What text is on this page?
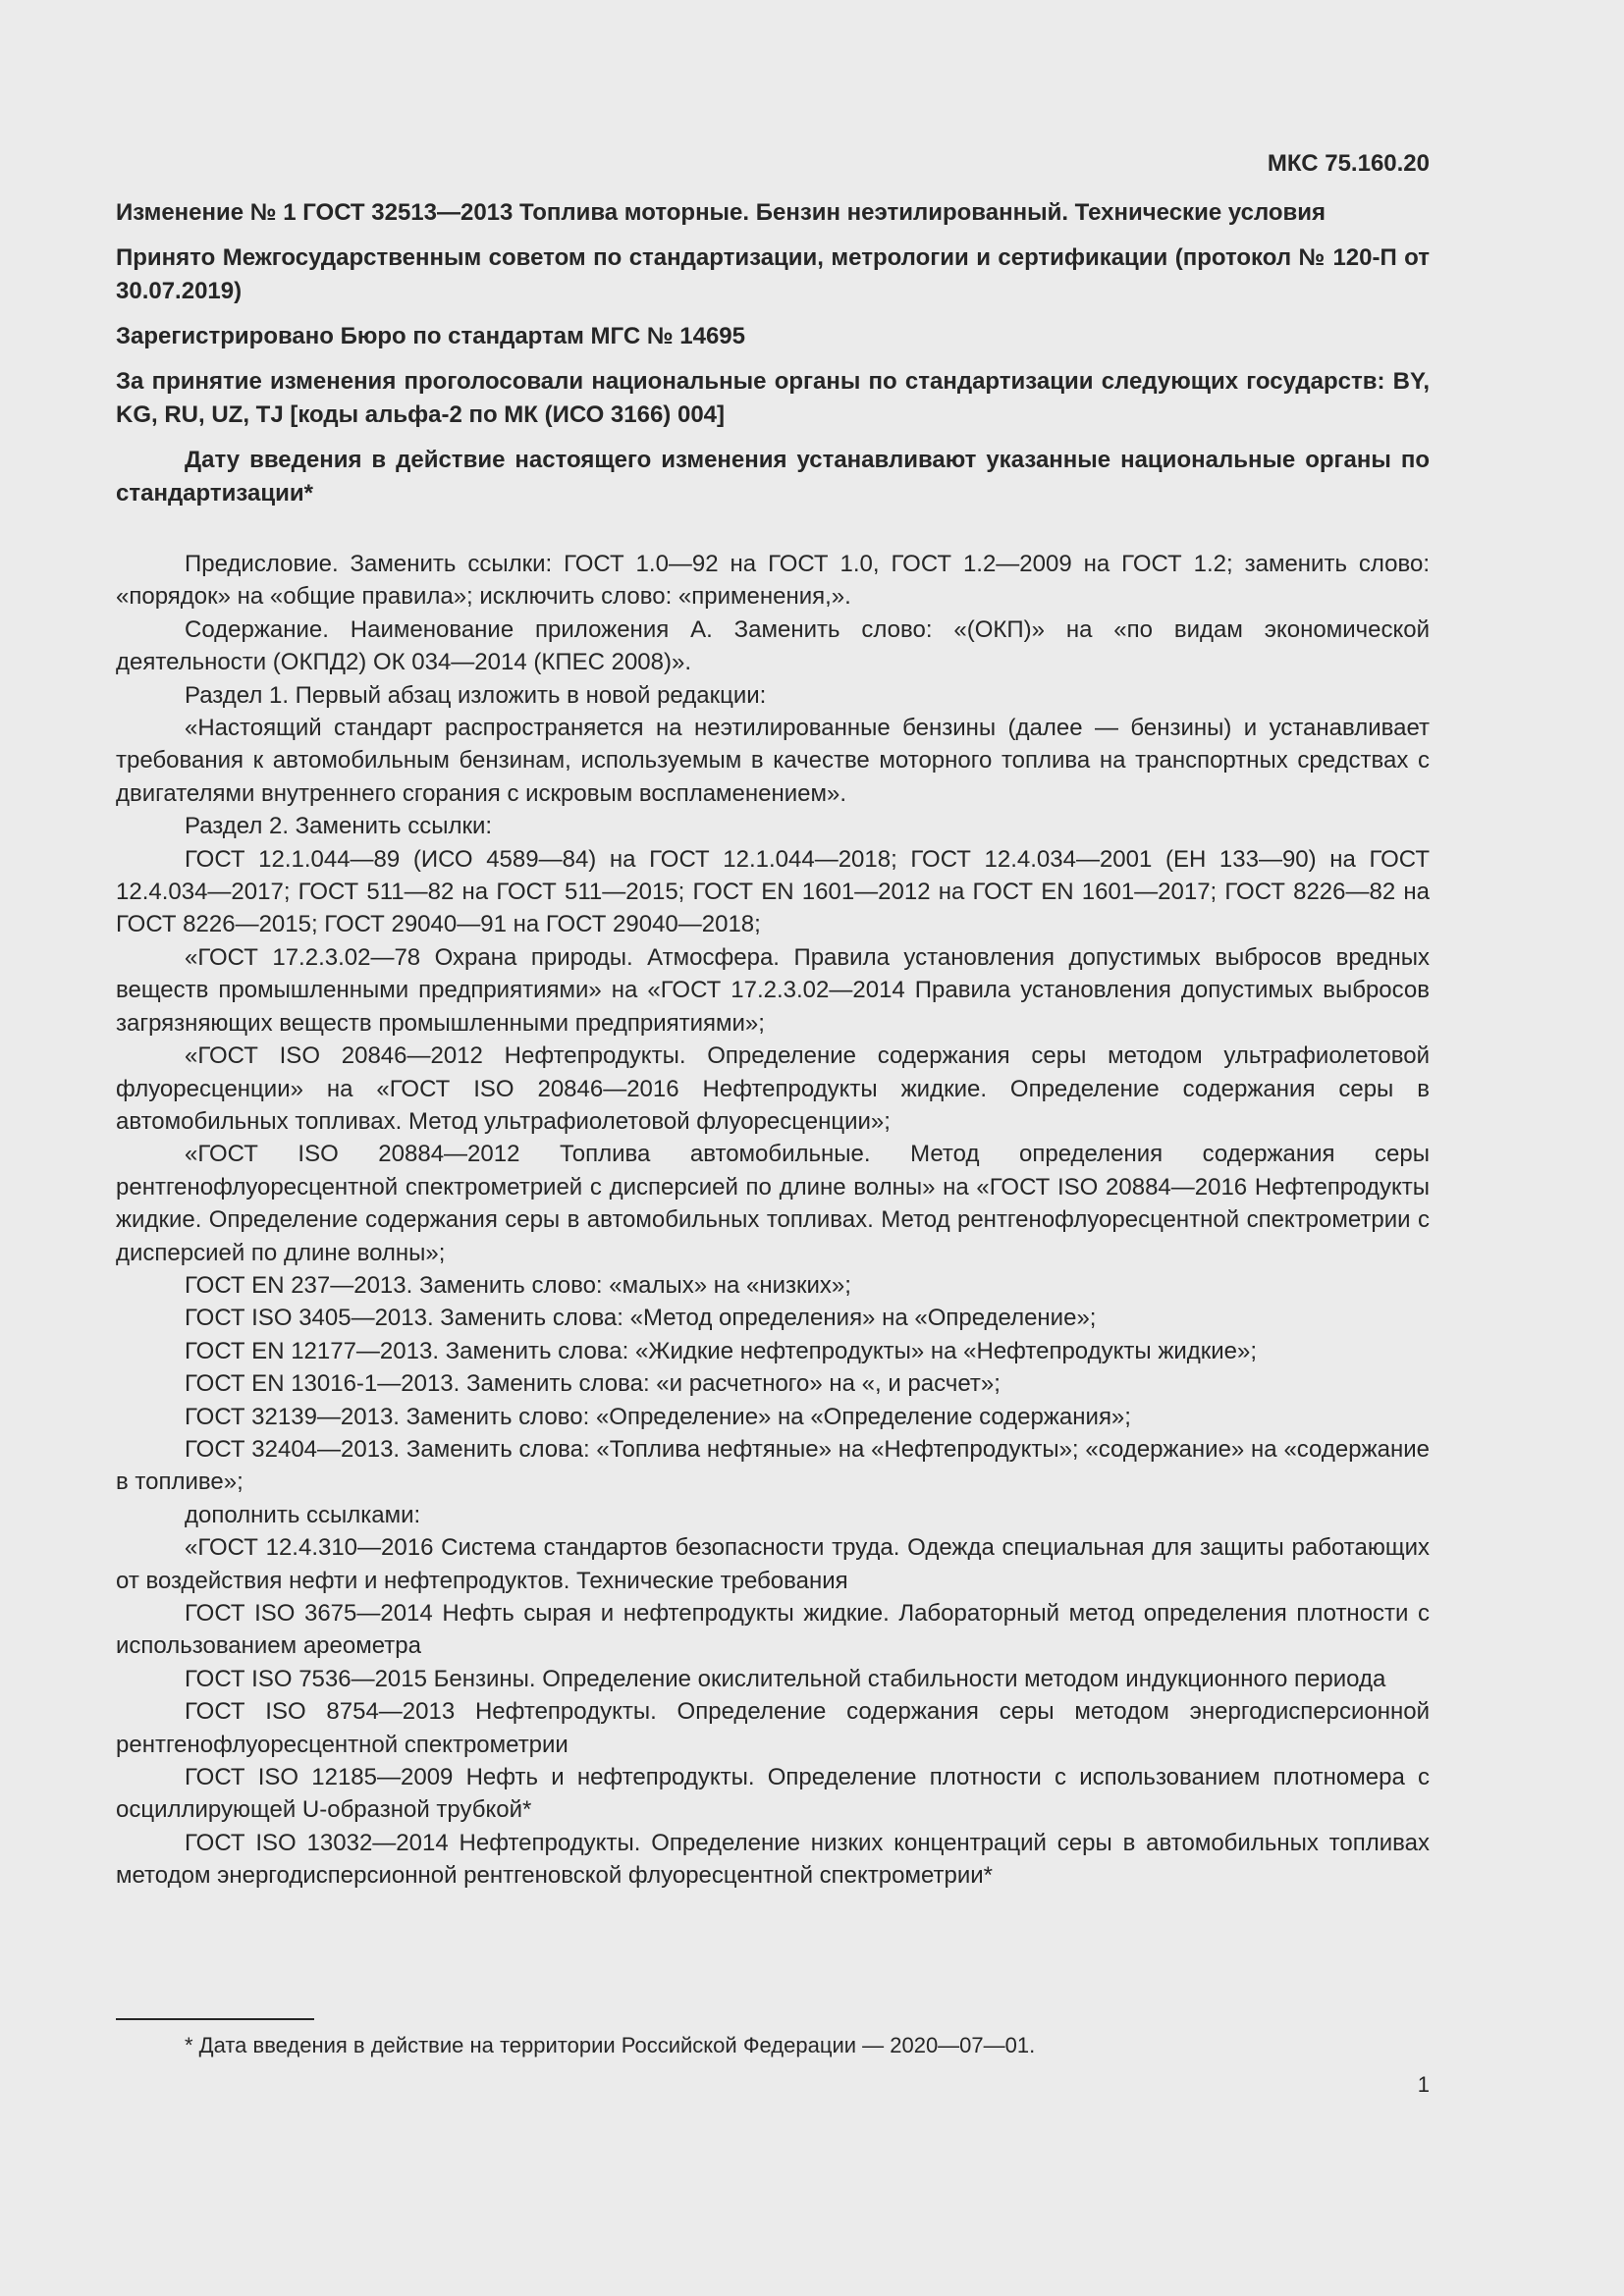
МКС 75.160.20

Изменение № 1 ГОСТ 32513—2013 Топлива моторные. Бензин неэтилированный. Технические условия

Принято Межгосударственным советом по стандартизации, метрологии и сертификации (протокол № 120-П от 30.07.2019)

Зарегистрировано Бюро по стандартам МГС № 14695

За принятие изменения проголосовали национальные органы по стандартизации следующих государств: BY, KG, RU, UZ, TJ [коды альфа-2 по МК (ИСО 3166) 004]

Дату введения в действие настоящего изменения устанавливают указанные национальные органы по стандартизации*

Предисловие. Заменить ссылки: ГОСТ 1.0—92 на ГОСТ 1.0, ГОСТ 1.2—2009 на ГОСТ 1.2; заменить слово: «порядок» на «общие правила»; исключить слово: «применения,».

Содержание. Наименование приложения А. Заменить слово: «(ОКП)» на «по видам экономической деятельности (ОКПД2) ОК 034—2014 (КПЕС 2008)».

Раздел 1. Первый абзац изложить в новой редакции:

«Настоящий стандарт распространяется на неэтилированные бензины (далее — бензины) и устанавливает требования к автомобильным бензинам, используемым в качестве моторного топлива на транспортных средствах с двигателями внутреннего сгорания с искровым воспламенением».

Раздел 2. Заменить ссылки:

ГОСТ 12.1.044—89 (ИСО 4589—84) на ГОСТ 12.1.044—2018; ГОСТ 12.4.034—2001 (ЕН 133—90) на ГОСТ 12.4.034—2017; ГОСТ 511—82 на ГОСТ 511—2015; ГОСТ EN 1601—2012 на ГОСТ EN 1601—2017; ГОСТ 8226—82 на ГОСТ 8226—2015; ГОСТ 29040—91 на ГОСТ 29040—2018;

«ГОСТ 17.2.3.02—78 Охрана природы. Атмосфера. Правила установления допустимых выбросов вредных веществ промышленными предприятиями» на «ГОСТ 17.2.3.02—2014 Правила установления допустимых выбросов загрязняющих веществ промышленными предприятиями»;

«ГОСТ ISO 20846—2012 Нефтепродукты. Определение содержания серы методом ультрафиолетовой флуоресценции» на «ГОСТ ISO 20846—2016 Нефтепродукты жидкие. Определение содержания серы в автомобильных топливах. Метод ультрафиолетовой флуоресценции»;

«ГОСТ ISO 20884—2012 Топлива автомобильные. Метод определения содержания серы рентгенофлуоресцентной спектрометрией с дисперсией по длине волны» на «ГОСТ ISO 20884—2016 Нефтепродукты жидкие. Определение содержания серы в автомобильных топливах. Метод рентгенофлуоресцентной спектрометрии с дисперсией по длине волны»;

ГОСТ EN 237—2013. Заменить слово: «малых» на «низких»;

ГОСТ ISO 3405—2013. Заменить слова: «Метод определения» на «Определение»;

ГОСТ EN 12177—2013. Заменить слова: «Жидкие нефтепродукты» на «Нефтепродукты жидкие»;

ГОСТ EN 13016-1—2013. Заменить слова: «и расчетного» на «, и расчет»;

ГОСТ 32139—2013. Заменить слово: «Определение» на «Определение содержания»;

ГОСТ 32404—2013. Заменить слова: «Топлива нефтяные» на «Нефтепродукты»; «содержание» на «содержание в топливе»;

дополнить ссылками:

«ГОСТ 12.4.310—2016 Система стандартов безопасности труда. Одежда специальная для защиты работающих от воздействия нефти и нефтепродуктов. Технические требования

ГОСТ ISO 3675—2014 Нефть сырая и нефтепродукты жидкие. Лабораторный метод определения плотности с использованием ареометра

ГОСТ ISO 7536—2015 Бензины. Определение окислительной стабильности методом индукционного периода

ГОСТ ISO 8754—2013 Нефтепродукты. Определение содержания серы методом энергодисперсионной рентгенофлуоресцентной спектрометрии

ГОСТ ISO 12185—2009 Нефть и нефтепродукты. Определение плотности с использованием плотномера с осциллирующей U-образной трубкой*

ГОСТ ISO 13032—2014 Нефтепродукты. Определение низких концентраций серы в автомобильных топливах методом энергодисперсионной рентгеновской флуоресцентной спектрометрии*

* Дата введения в действие на территории Российской Федерации — 2020—07—01.

1
